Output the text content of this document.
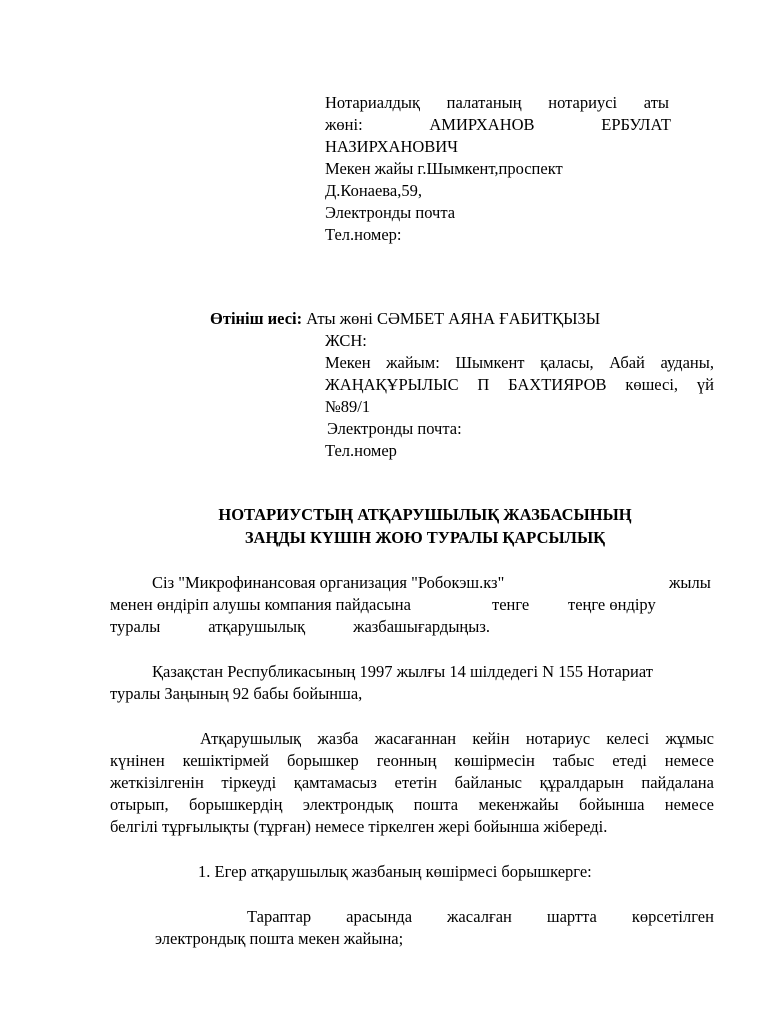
Нотариалдық палатаның нотариусі аты
жөні:	АМИРХАНОВ	ЕРБУЛАТ
НАЗИРХАНОВИЧ
Мекен жайы г.Шымкент,проспект
Д.Конаева,59,
Электронды почта
Тел.номер:
Өтініш иесі: Аты жөні СӘМБЕТ АЯНА ҒАБИТҚЫЗЫ
ЖСН:
Мекен жайым: Шымкент қаласы, Абай ауданы,
ЖАҢАҚҰРЫЛЫС П БАХТИЯРОВ көшесі, үй
№89/1
Электронды почта:
Тел.номер
НОТАРИУСТЫҢ АТҚАРУШЫЛЫҚ ЖАЗБАСЫНЫҢ
ЗАҢДЫ КҮШІН ЖОЮ ТУРАЛЫ ҚАРСЫЛЫҚ
Сіз "Микрофинансовая организация "Робокэш.кз"	жылы
менен өндіріп алушы компания пайдасына	тенге теңге өндіру
туралы	атқарушылық	жазбашығардыңыз.
Қазақстан Республикасының 1997 жылғы 14 шілдедегі N 155 Нотариат
туралы Заңының 92 бабы бойынша,
Атқарушылық жазба жасағаннан кейін нотариус келесі жұмыс
күнінен кешіктірмей борышкер геонның көшірмесін табыс етеді немесе
жеткізілгенін тіркеуді қамтамасыз ететін байланыс құралдарын пайдалана
отырып, борышкердің электрондық пошта мекенжайы бойынша немесе
белгілі тұрғылықты (тұрған) немесе тіркелген жері бойынша жібереді.
1. Егер атқарушылық жазбаның көшірмесі борышкерге:
Тараптар арасында жасалған шартта көрсетілген
электрондық пошта мекен жайына;
